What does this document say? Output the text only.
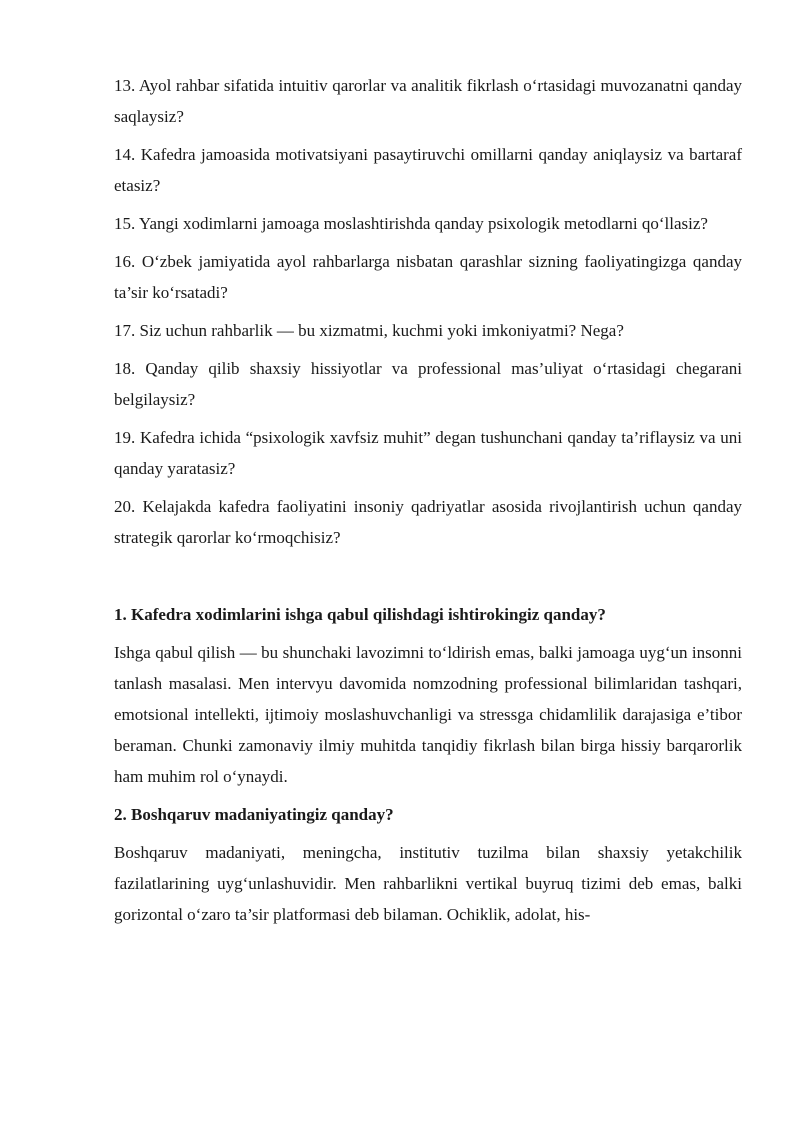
13. Ayol rahbar sifatida intuitiv qarorlar va analitik fikrlash o‘rtasidagi muvozanatni qanday saqlaysiz?

14. Kafedra jamoasida motivatsiyani pasaytiruvchi omillarni qanday aniqlaysiz va bartaraf etasiz?

15. Yangi xodimlarni jamoaga moslashtirishda qanday psixologik metodlarni qo‘llasiz?

16. O‘zbek jamiyatida ayol rahbarlarga nisbatan qarashlar sizning faoliyatingizga qanday ta’sir ko‘rsatadi?

17. Siz uchun rahbarlik — bu xizmatmi, kuchmi yoki imkoniyatmi? Nega?

18. Qanday qilib shaxsiy hissiyotlar va professional mas’uliyat o‘rtasidagi chegarani belgilaysiz?

19. Kafedra ichida “psixologik xavfsiz muhit” degan tushunchani qanday ta’riflaysiz va uni qanday yaratasiz?

20. Kelajakda kafedra faoliyatini insoniy qadriyatlar asosida rivojlantirish uchun qanday strategik qarorlar ko‘rmoqchisiz?

1. Kafedra xodimlarini ishga qabul qilishdagi ishtirokingiz qanday?

Ishga qabul qilish — bu shunchaki lavozimni to‘ldirish emas, balki jamoaga uyg‘un insonni tanlash masalasi. Men intervyu davomida nomzodning professional bilimlaridan tashqari, emotsional intellekti, ijtimoiy moslashuvchanligi va stressga chidamlilik darajasiga e’tibor beraman. Chunki zamonaviy ilmiy muhitda tanqidiy fikrlash bilan birga hissiy barqarorlik ham muhim rol o‘ynaydi.

2. Boshqaruv madaniyatingiz qanday?

Boshqaruv madaniyati, meningcha, institutiv tuzilma bilan shaxsiy yetakchilik fazilatlarining uyg‘unlashuvidir. Men rahbarlikni vertikal buyruq tizimi deb emas, balki gorizontal o‘zaro ta’sir platformasi deb bilaman. Ochiklik, adolat, his-
